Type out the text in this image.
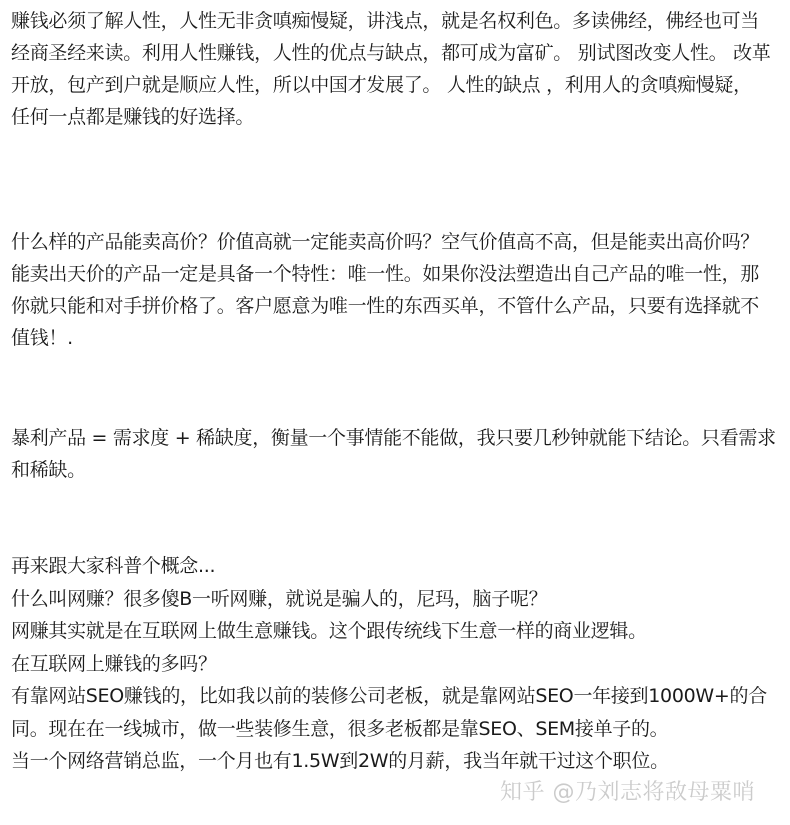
赚钱必须了解人性，人性无非贪嗔痴慢疑，讲浅点，就是名权利色。多读佛经，佛经也可当经商圣经来读。利用人性赚钱，人性的优点与缺点，都可成为富矿。 别试图改变人性。 改革开放，包产到户就是顺应人性，所以中国才发展了。 人性的缺点 ，利用人的贪嗔痴慢疑， 任何一点都是赚钱的好选择。

什么样的产品能卖高价？价值高就一定能卖高价吗？空气价值高不高，但是能卖出高价吗？能卖出天价的产品一定是具备一个特性：唯一性。如果你没法塑造出自己产品的唯一性，那你就只能和对手拼价格了。客户愿意为唯一性的东西买单，不管什么产品，只要有选择就不值钱！.

暴利产品 = 需求度 + 稀缺度，衡量一个事情能不能做，我只要几秒钟就能下结论。只看需求和稀缺。

再来跟大家科普个概念...

什么叫网赚？很多傻B一听网赚，就说是骗人的，尼玛，脑子呢？

网赚其实就是在互联网上做生意赚钱。这个跟传统线下生意一样的商业逻辑。

在互联网上赚钱的多吗？

有靠网站SEO赚钱的，比如我以前的装修公司老板，就是靠网站SEO一年接到1000W+的合同。现在在一线城市，做一些装修生意，很多老板都是靠SEO、SEM接单子的。

当一个网络营销总监，一个月也有1.5W到2W的月薪，我当年就干过这个职位。

知乎 @乃刘志将敌母粟哨
